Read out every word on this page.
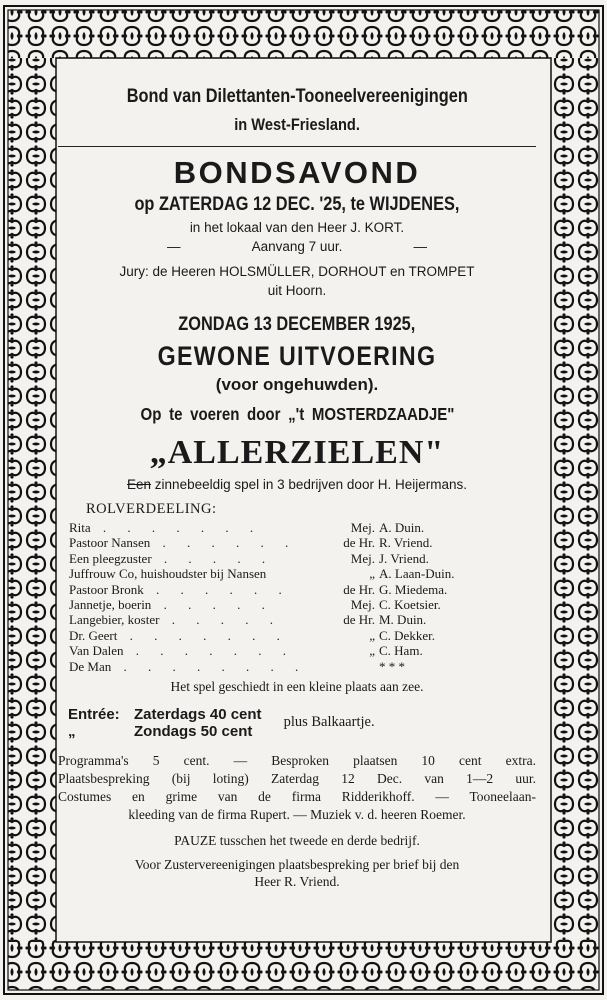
Bond van Dilettanten-Tooneelvereenigingen
in West-Friesland.
BONDSAVOND
op ZATERDAG 12 DEC. '25, te WIJDENES,
in het lokaal van den Heer J. KORT.
—	Aanvang 7 uur.	—
Jury: de Heeren HOLSMÜLLER, DORHOUT en TROMPET
uit Hoorn.
ZONDAG 13 DECEMBER 1925,
GEWONE UITVOERING
(voor ongehuwden).
Op te voeren door „'t MOSTERDZAADJE"
„ALLERZIELEN"
Een zinnebeeldig spel in 3 bedrijven door H. Heijermans.
ROLVERDEELING:
Rita . . . . . . .	Mej. A. Duin.
Pastoor Nansen . . . . . .	de Hr. R. Vriend.
Een pleegzuster . . . . .	Mej. J. Vriend.
Juffrouw Co, huishoudster bij Nansen	„ A. Laan-Duin.
Pastoor Bronk . . . . . .	de Hr. G. Miedema.
Jannetje, boerin . . . . .	Mej. C. Koetsier.
Langebier, koster . . . . .	de Hr. M. Duin.
Dr. Geert . . . . . . .	„ C. Dekker.
Van Dalen . . . . . . .	„ C. Ham.
De Man . . . . . . . .	* * *
Het spel geschiedt in een kleine plaats aan zee.
Entrée: Zaterdags 40 cent
„	Zondags 50 cent
plus Balkaartje.
Programma's 5 cent. — Besproken plaatsen 10 cent extra.
Plaatsbespreking (bij loting) Zaterdag 12 Dec. van 1—2 uur.
Costumes en grime van de firma Ridderikhoff. — Tooneelaan-
kleeding van de firma Rupert. — Muziek v. d. heeren Roemer.
PAUZE tusschen het tweede en derde bedrijf.
Voor Zustervereenigingen plaatsbespreking per brief bij den
Heer R. Vriend.
